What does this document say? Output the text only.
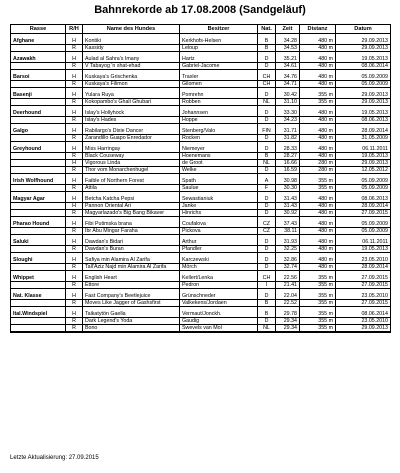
Bahnrekorde ab 17.08.2008 (Sandgeläuf)
Rasse	R/H	Name des Hundes	Besitzer	Nat.	Zeit	Distanz	Datum
Afghane	H	Kontiki	Kerkhofs-Helsen	B	34.28	480 m	29.09.2013
R	Kassidy	Leloup	B	34.53	480 m	29.09.2013
Azawakh	H	Aulad al Sahra's Imany	Hartz	D	35.21	480 m	19.05.2013
R	V Tabayog 'n shat-ehad	Gabriel-Jacome	D	34.61	480 m	08.06.2014
Barsoi	H	Kuskaya's Grischenka	Traxler	CH	34.76	480 m	05.09.2009
R	Kuskaya's Filimon	Gilomen	CH	34.71	480 m	05.09.2009
Basenji	H	Yulara Ruya	Pomrehn	D	30.42	355 m	29.09.2013
R	Kokopambo's Ghali Ghubari	Robben	NL	31.10	355 m	29.09.2013
Deerhound	H	Islay's Hollyhock	Johannsen	D	33.30	480 m	19.05.2013
R	Islay's Hades	Hoppe	D	34.23	480 m	08.06.2013
Galgo	H	Rabilargo's Dixie Dancer	Stenberg/Valo	FIN	31.71	480 m	28.09.2014
R	Zarandillo Guapo Enredador	Rocken	D	31.82	480 m	31.05.2009
Greyhound	H	Miss Harringay	Niemeyer	D	28.33	480 m	06.11.2011
R	Black Couseway	Hoenemans	B	28.27	480 m	19.05.2013
H	Vigorous Linda	de Groot	NL	16.66	280 m	29.09.2013
R	Thor vom Monarchenhugel	Welke	D	16.59	280 m	12.05.2012
Irish Wolfhound	H	Faible of Northern Forest	Spath	A	30.98	355 m	05.09.2009
R	Attila	Saulue	F	30.30	355 m	05.09.2009
Magyar Agar	H	Betcha Katcha Pepsi	Sewastianiuk	D	31.43	480 m	08.06.2013
H	Pannon Oriental Ari	Janke	D	31.43	480 m	28.09.2014
R	Magyarlazado's Big Bang Bikaver	Hinrichs	D	30.92	480 m	27.09.2015
Pharao Hound	H	Fibi Putimska brana	Coufalova	CZ	37.43	480 m	05.09.2009
R	Ibr Abu Mingar Faraha	Pickova	CZ	38.11	480 m	05.09.2009
Saluki	H	Dawdan's Bidari	Arthur	D	31.93	480 m	06.11.2011
R	Dawdan's Buran	Pfandler	D	32.25	480 m	19.05.2013
Sloughi	H	Safiya min Alamira Al Zarifa	Karczewski	D	32.86	480 m	23.05.2010
R	Tall'Aziz Najd min Alamira Al Zarifa	Mörch	D	32.74	480 m	28.09.2014
Whippet	H	English Heart	Kellert/Lenka	CH	22.56	355 m	27.09.2015
R	Ettore	Pedron	I	21.41	355 m	27.09.2015
Nat. Klasse	H	Fast Company's Beetlejuice	Grünschneder	D	22.04	355 m	23.05.2010
R	Moves Like Jagger of Gashsfirst	Valkekens/Jordaen	B	22.52	355 m	27.09.2015
Ital.Windspiel	H	Taikatytön Gaella	Vermaut/Jonckh.	B	29.78	355 m	08.06.2014
R	Dark Legend's Yoda	Gaudig	D	29.34	355 m	23.05.2010
R	Bono	Swevels van Mol	NL	29.34	355 m	29.09.2013
Letzte Aktualisierung: 27.09.2015
